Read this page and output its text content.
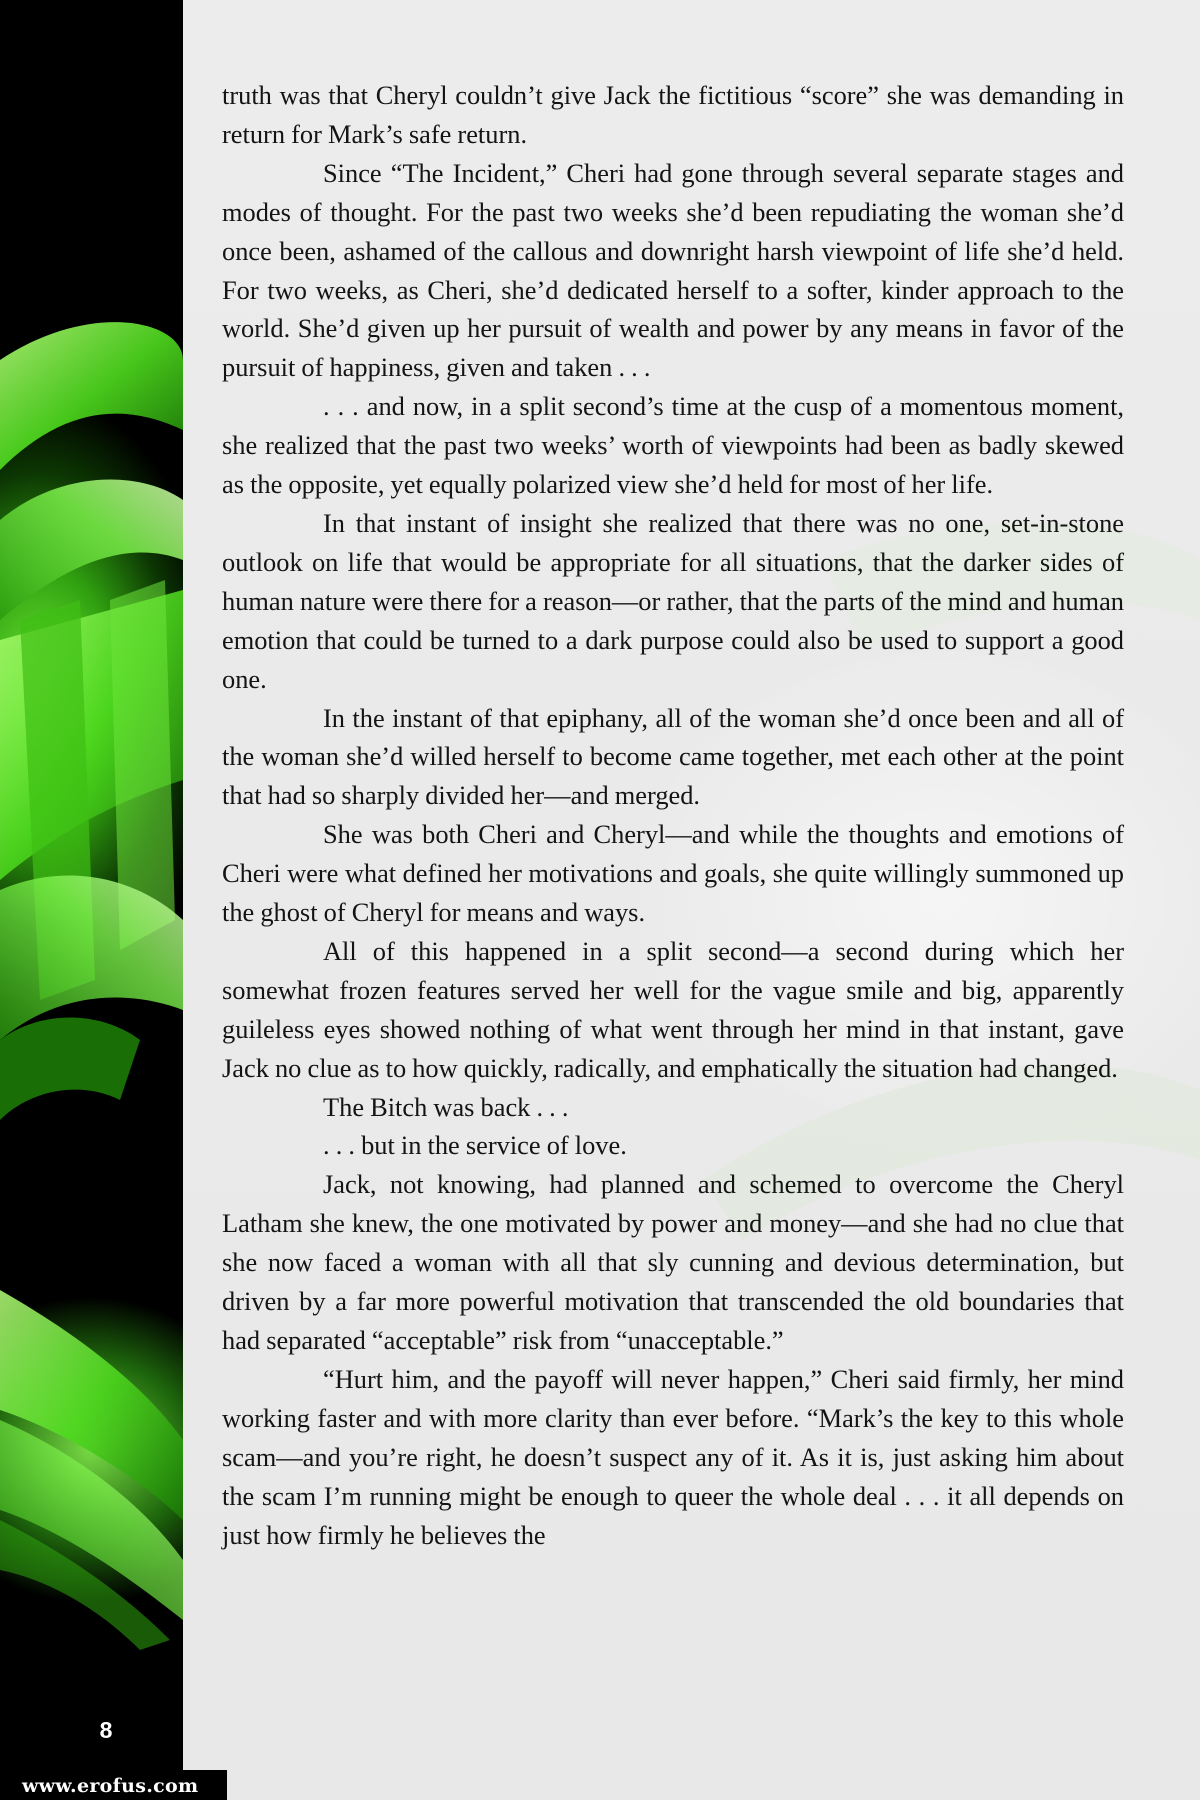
8

truth was that Cheryl couldn’t give Jack the fictitious “score” she was demanding in return for Mark’s safe return.

Since “The Incident,” Cheri had gone through several separate stages and modes of thought. For the past two weeks she’d been repudiating the woman she’d once been, ashamed of the callous and downright harsh viewpoint of life she’d held. For two weeks, as Cheri, she’d dedicated herself to a softer, kinder approach to the world. She’d given up her pursuit of wealth and power by any means in favor of the pursuit of happiness, given and taken . . .

. . . and now, in a split second’s time at the cusp of a momentous moment, she realized that the past two weeks’ worth of viewpoints had been as badly skewed as the opposite, yet equally polarized view she’d held for most of her life.

In that instant of insight she realized that there was no one, set-in-stone outlook on life that would be appropriate for all situations, that the darker sides of human nature were there for a reason—or rather, that the parts of the mind and human emotion that could be turned to a dark purpose could also be used to support a good one.

In the instant of that epiphany, all of the woman she’d once been and all of the woman she’d willed herself to become came together, met each other at the point that had so sharply divided her—and merged.

She was both Cheri and Cheryl—and while the thoughts and emotions of Cheri were what defined her motivations and goals, she quite willingly summoned up the ghost of Cheryl for means and ways.

All of this happened in a split second—a second during which her somewhat frozen features served her well for the vague smile and big, apparently guileless eyes showed nothing of what went through her mind in that instant, gave Jack no clue as to how quickly, radically, and emphatically the situation had changed.

The Bitch was back . . .

. . . but in the service of love.

Jack, not knowing, had planned and schemed to overcome the Cheryl Latham she knew, the one motivated by power and money—and she had no clue that she now faced a woman with all that sly cunning and devious determination, but driven by a far more powerful motivation that transcended the old boundaries that had separated “acceptable” risk from “unacceptable.”

“Hurt him, and the payoff will never happen,” Cheri said firmly, her mind working faster and with more clarity than ever before. “Mark’s the key to this whole scam—and you’re right, he doesn’t suspect any of it. As it is, just asking him about the scam I’m running might be enough to queer the whole deal . . . it all depends on just how firmly he believes the

www.erofus.com
